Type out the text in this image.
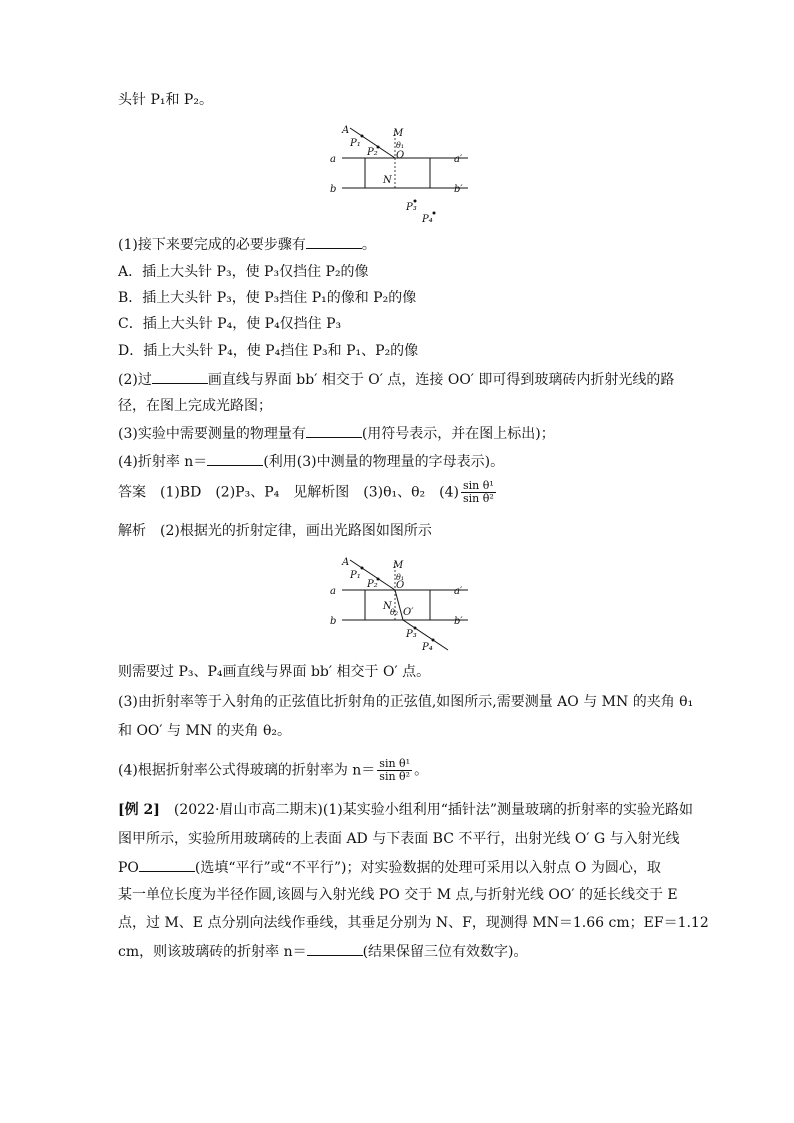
头针 P₁和 P₂。
A	M
θ₁
P₁
P₂ O
a	a′
N
b	b′
P₃
P₄
(1)接下来要完成的必要步骤有	。
A．插上大头针 P₃，使 P₃仅挡住 P₂的像
B．插上大头针 P₃，使 P₃挡住 P₁的像和 P₂的像
C．插上大头针 P₄，使 P₄仅挡住 P₃
D．插上大头针 P₄，使 P₄挡住 P₃和 P₁、P₂的像
(2)过	画直线与界面 bb′ 相交于 O′ 点，连接 OO′ 即可得到玻璃砖内折射光线的路
径，在图上完成光路图；
(3)实验中需要测量的物理量有	(用符号表示，并在图上标出)；
(4)折射率 n＝	(利用(3)中测量的物理量的字母表示)。
答案　 (1)BD　(2)P₃、P₄　见解析图　(3)θ₁、θ₂　$(4) \frac{\text{sin θ¹}}{\text{sin θ²}}$
解析　 (2)根据光的折射定律，画出光路图如图所示
A	M
θ₁
P₁
P₂ O
a	a′
N
θ₂ O′
b	b′
P₃
P₄
则需要过 P₃、P₄画直线与界面 bb′ 相交于 O′ 点。
(3)由折射率等于入射角的正弦值比折射角的正弦值,如图所示,需要测量 AO 与 MN 的夹角 θ₁
和 OO′ 与 MN 的夹角 θ₂。
(4)根据折射率公式得玻璃的折射率为 $n= \frac{\text{sin θ¹}}{\text{sin θ²}}$ 。
[例 2]　 (2022·眉山市高二期末)(1)某实验小组利用“插针法”测量玻璃的折射率的实验光路如
图甲所示，实验所用玻璃砖的上表面 AD 与下表面 BC 不平行，出射光线 O′ G 与入射光线
PO	(选填“平行”或“不平行”)；对实验数据的处理可采用以入射点 O 为圆心，取
某一单位长度为半径作圆,该圆与入射光线 PO 交于 M 点,与折射光线 OO′ 的延长线交于 E
点，过 M、E 点分别向法线作垂线，其垂足分别为 N、F，现测得 MN＝1.66 cm；EF＝1.12
cm，则该玻璃砖的折射率 n＝	(结果保留三位有效数字)。
